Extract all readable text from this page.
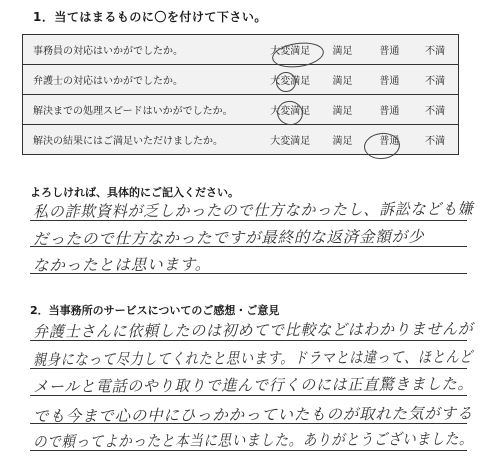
1．当てはまるものに〇を付けて下さい。
事務員の対応はいかがでしたか。	大変満足	満足	普通	不満
弁護士の対応はいかがでしたか。	大変満足	満足	普通	不満
解決までの処理スピードはいかがでしたか。	大変満足	満足	普通	不満
解決の結果にはご満足いただけましたか。	大変満足	満足	普通	不満
よろしければ、具体的にご記入ください。
私の詐欺資料が乏しかったので仕方なかったし、訴訟なども嫌
だったので仕方なかったですが最終的な返済金額が少
なかったとは思います。
2．当事務所のサービスについてのご感想・ご意見
弁護士さんに依頼したのは初めてで比較などはわかりませんが
親身になって尽力してくれたと思います。ドラマとは違って、ほとんど
メールと電話のやり取りで進んで行くのには正直驚きました。
でも今まで心の中にひっかかっていたものが取れた気がする
ので頼ってよかったと本当に思いました。ありがとうございました。
